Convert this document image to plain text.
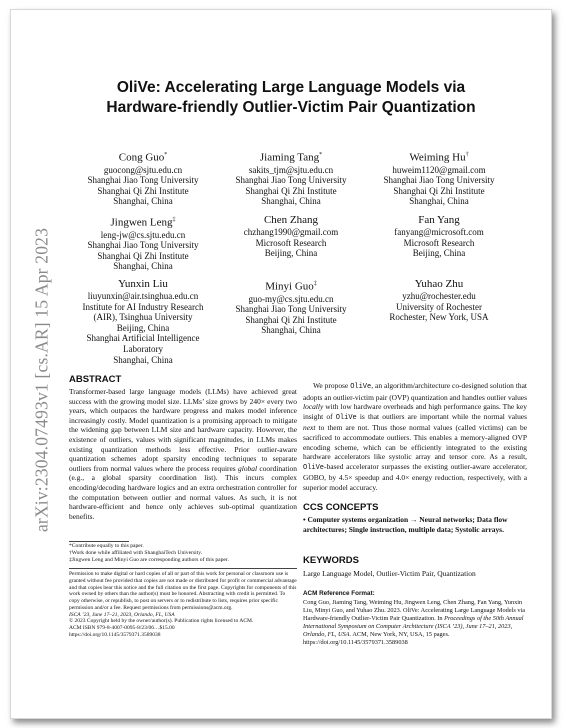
arXiv:2304.07493v1 [cs.AR] 15 Apr 2023
OliVe: Accelerating Large Language Models via
Hardware-friendly Outlier-Victim Pair Quantization
Cong Guo*
guocong@sjtu.edu.cn
Shanghai Jiao Tong University
Shanghai Qi Zhi Institute
Shanghai, China
Jiaming Tang*
sakits_tjm@sjtu.edu.cn
Shanghai Jiao Tong University
Shanghai Qi Zhi Institute
Shanghai, China
Weiming Hu†
huweim1120@gmail.com
Shanghai Jiao Tong University
Shanghai Qi Zhi Institute
Shanghai, China
Jingwen Leng‡
leng-jw@cs.sjtu.edu.cn
Shanghai Jiao Tong University
Shanghai Qi Zhi Institute
Shanghai, China
Chen Zhang
chzhang1990@gmail.com
Microsoft Research
Beijing, China
Fan Yang
fanyang@microsoft.com
Microsoft Research
Beijing, China
Yunxin Liu
liuyunxin@air.tsinghua.edu.cn
Institute for AI Industry Research
(AIR), Tsinghua University
Beijing, China
Shanghai Artificial Intelligence
Laboratory
Shanghai, China
Minyi Guo‡
guo-my@cs.sjtu.edu.cn
Shanghai Jiao Tong University
Shanghai Qi Zhi Institute
Shanghai, China
Yuhao Zhu
yzhu@rochester.edu
University of Rochester
Rochester, New York, USA
ABSTRACT

Transformer-based large language models (LLMs) have achieved great success with the growing model size. LLMs’ size grows by 240× every two years, which outpaces the hardware progress and makes model inference increasingly costly. Model quantization is a promising approach to mitigate the widening gap between LLM size and hardware capacity. However, the existence of outliers, values with significant magnitudes, in LLMs makes existing quantization methods less effective. Prior outlier-aware quantization schemes adopt sparsity encoding techniques to separate outliers from normal values where the process requires global coordination (e.g., a global sparsity coordination list). This incurs complex encoding/decoding hardware logics and an extra orchestration controller for the computation between outlier and normal values. As such, it is not hardware-efficient and hence only achieves sub-optimal quantization benefits.

We propose OliVe, an algorithm/architecture co-designed solution that adopts an outlier-victim pair (OVP) quantization and handles outlier values locally with low hardware overheads and high performance gains. The key insight of OliVe is that outliers are important while the normal values next to them are not. Thus those normal values (called victims) can be sacrificed to accommodate outliers. This enables a memory-aligned OVP encoding scheme, which can be efficiently integrated to the existing hardware accelerators like systolic array and tensor core. As a result, OliVe-based accelerator surpasses the existing outlier-aware accelerator, GOBO, by 4.5× speedup and 4.0× energy reduction, respectively, with a superior model accuracy.

*Contribute equally to this paper.
†Work done while affiliated with ShanghaiTech University.
‡Jingwen Leng and Minyi Guo are corresponding authors of this paper.

Permission to make digital or hard copies of all or part of this work for personal or classroom use is granted without fee provided that copies are not made or distributed for profit or commercial advantage and that copies bear this notice and the full citation on the first page. Copyrights for components of this work owned by others than the author(s) must be honored. Abstracting with credit is permitted. To copy otherwise, or republish, to post on servers or to redistribute to lists, requires prior specific permission and/or a fee. Request permissions from permissions@acm.org.

ISCA ’23, June 17–21, 2023, Orlando, FL, USA

© 2023 Copyright held by the owner/author(s). Publication rights licensed to ACM.

ACM ISBN 979-8-4007-0095-8/23/06…$15.00

https://doi.org/10.1145/3579371.3589038

CCS CONCEPTS
• Computer systems organization → Neural networks; Data flow architectures; Single instruction, multiple data; Systolic arrays.
KEYWORDS
Large Language Model, Outlier-Victim Pair, Quantization
ACM Reference Format:

Cong Guo, Jiaming Tang, Weiming Hu, Jingwen Leng, Chen Zhang, Fan Yang, Yunxin Liu, Minyi Guo, and Yuhao Zhu. 2023. OliVe: Accelerating Large Language Models via Hardware-friendly Outlier-Victim Pair Quantization. In Proceedings of the 50th Annual International Symposium on Computer Architecture (ISCA ’23), June 17–21, 2023, Orlando, FL, USA. ACM, New York, NY, USA, 15 pages. https://doi.org/10.1145/3579371.3589038
